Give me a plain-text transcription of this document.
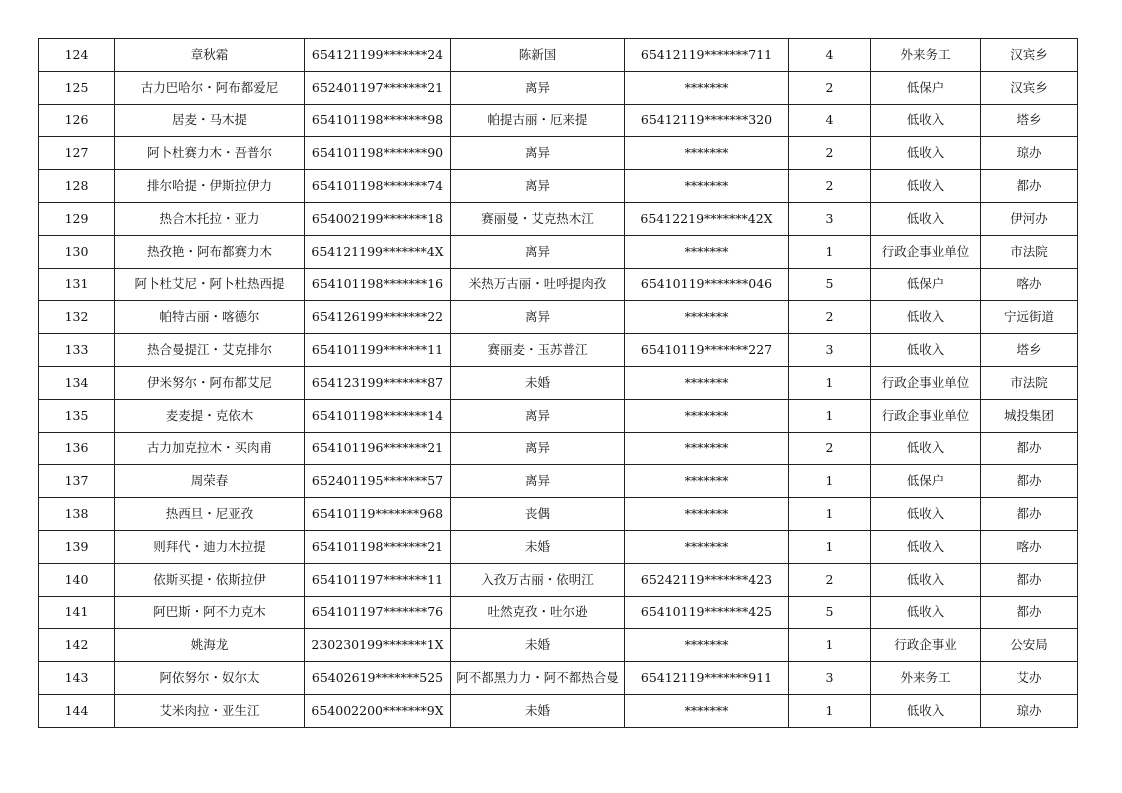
124	章秋霜	654121199*******24	陈新国	65412119*******711	4	外来务工	汉宾乡
125	古力巴哈尔・阿布都爱尼	652401197*******21	离异	*******	2	低保户	汉宾乡
126	居麦・马木提	654101198*******98	帕提古丽・厄来提	65412119*******320	4	低收入	塔乡
127	阿卜杜赛力木・吾普尔	654101198*******90	离异	*******	2	低收入	琼办
128	排尔哈提・伊斯拉伊力	654101198*******74	离异	*******	2	低收入	都办
129	热合木托拉・亚力	654002199*******18	赛丽曼・艾克热木江	65412219*******42X	3	低收入	伊河办
130	热孜艳・阿布都赛力木	654121199*******4X	离异	*******	1	行政企事业单位	市法院
131	阿卜杜艾尼・阿卜杜热西提	654101198*******16	米热万古丽・吐呼提肉孜	65410119*******046	5	低保户	喀办
132	帕特古丽・喀德尔	654126199*******22	离异	*******	2	低收入	宁远街道
133	热合曼提江・艾克排尔	654101199*******11	赛丽麦・玉苏普江	65410119*******227	3	低收入	塔乡
134	伊米努尔・阿布都艾尼	654123199*******87	未婚	*******	1	行政企事业单位	市法院
135	麦麦提・克依木	654101198*******14	离异	*******	1	行政企事业单位	城投集团
136	古力加克拉木・买肉甫	654101196*******21	离异	*******	2	低收入	都办
137	周荣春	652401195*******57	离异	*******	1	低保户	都办
138	热西旦・尼亚孜	65410119*******968	丧偶	*******	1	低收入	都办
139	则拜代・迪力木拉提	654101198*******21	未婚	*******	1	低收入	喀办
140	依斯买提・依斯拉伊	654101197*******11	入孜万古丽・依明江	65242119*******423	2	低收入	都办
141	阿巴斯・阿不力克木	654101197*******76	吐然克孜・吐尔逊	65410119*******425	5	低收入	都办
142	姚海龙	230230199*******1X	未婚	*******	1	行政企事业	公安局
143	阿依努尔・奴尔太	65402619*******525	阿不都黑力力・阿不都热合曼	65412119*******911	3	外来务工	艾办
144	艾米肉拉・亚生江	654002200*******9X	未婚	*******	1	低收入	琼办
